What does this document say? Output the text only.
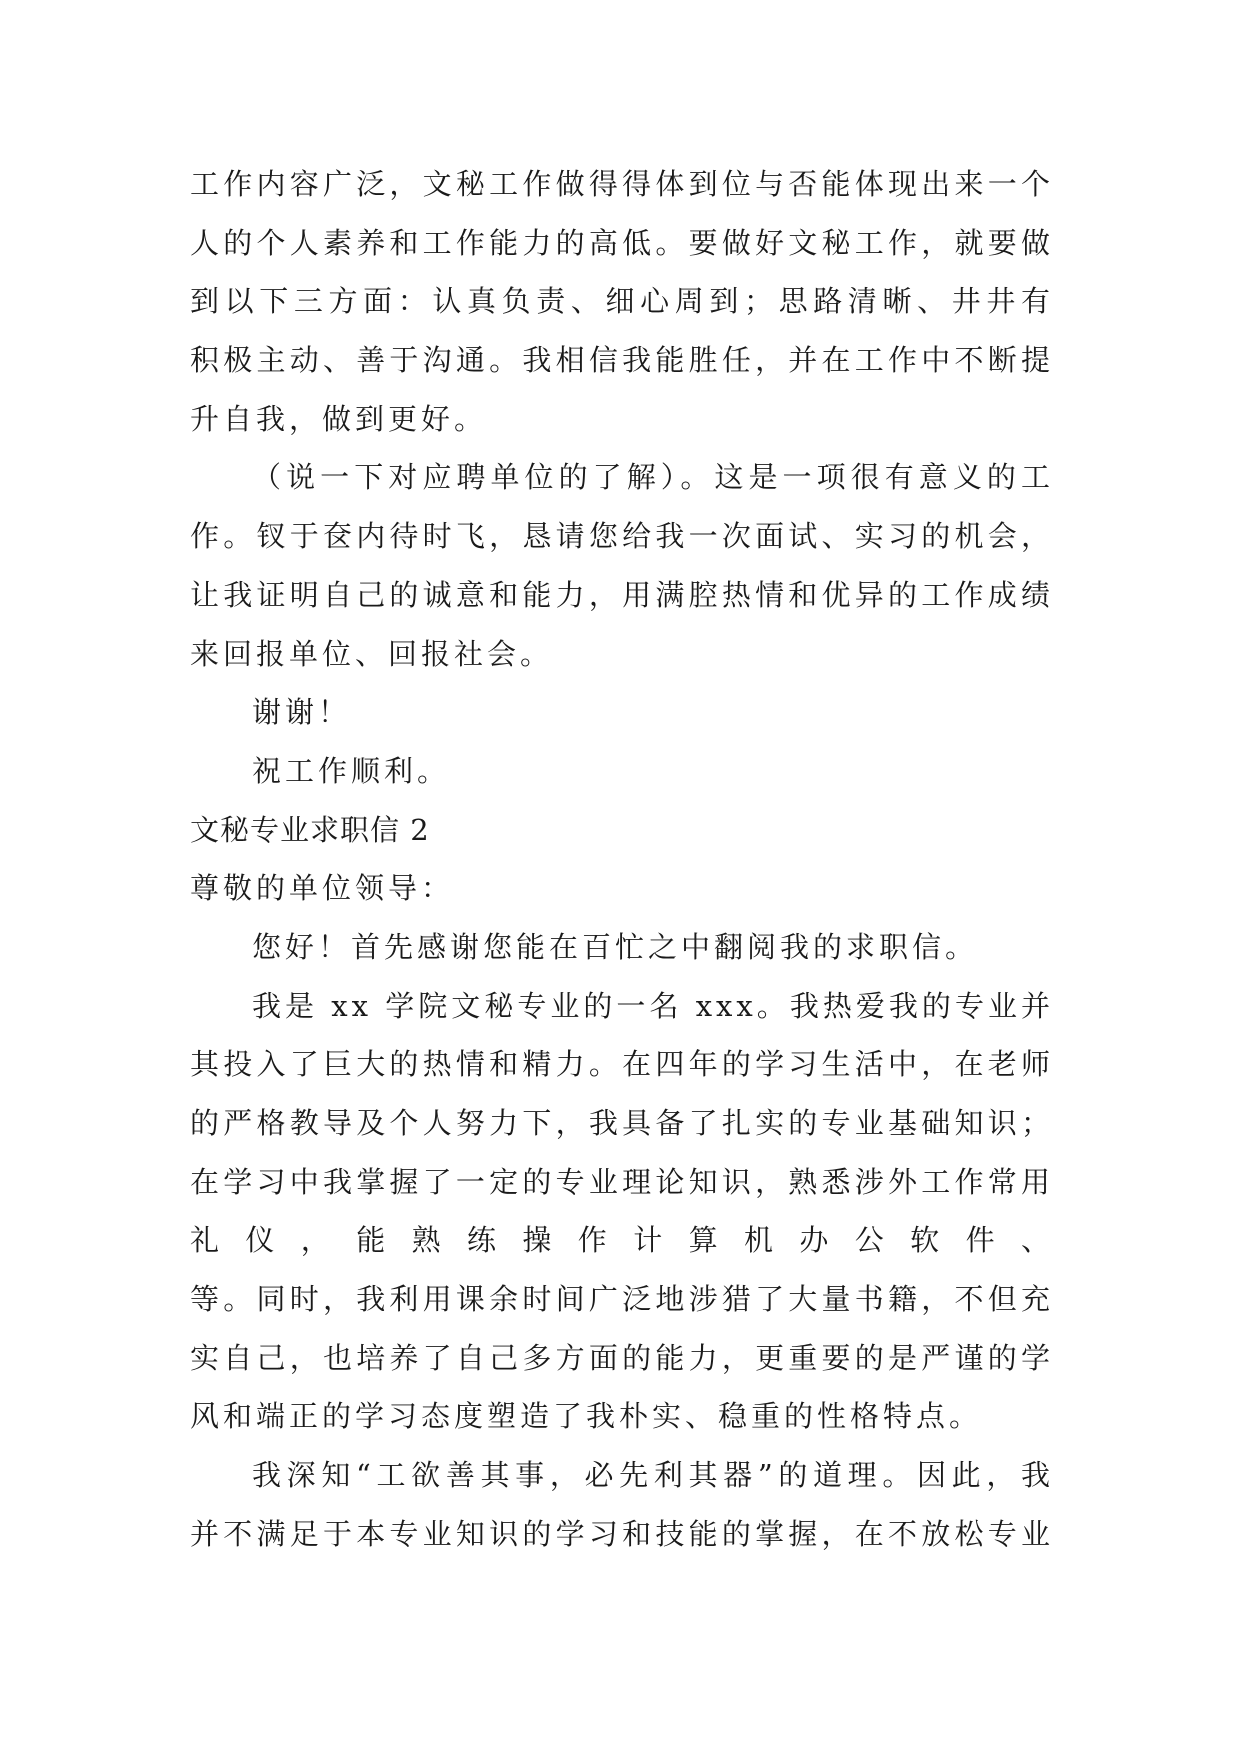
工作内容广泛，文秘工作做得得体到位与否能体现出来一个
人的个人素养和工作能力的高低。要做好文秘工作，就要做
到以下三方面：认真负责、细心周到；思路清晰、井井有
积极主动、善于沟通。我相信我能胜任，并在工作中不断提
升自我，做到更好。
（说一下对应聘单位的了解）。这是一项很有意义的工
作。钗于奁内待时飞，恳请您给我一次面试、实习的机会，
让我证明自己的诚意和能力，用满腔热情和优异的工作成绩
来回报单位、回报社会。
谢谢！
祝工作顺利。
文秘专业求职信 2
尊敬的单位领导：
您好！首先感谢您能在百忙之中翻阅我的求职信。
我是 xx 学院文秘专业的一名 xxx。我热爱我的专业并
其投入了巨大的热情和精力。在四年的学习生活中，在老师
的严格教导及个人努力下，我具备了扎实的专业基础知识；
在学习中我掌握了一定的专业理论知识，熟悉涉外工作常用
礼仪，能熟练操作计算机办公软件、
等。同时，我利用课余时间广泛地涉猎了大量书籍，不但充
实自己，也培养了自己多方面的能力，更重要的是严谨的学
风和端正的学习态度塑造了我朴实、稳重的性格特点。
我深知“工欲善其事，必先利其器”的道理。因此，我
并不满足于本专业知识的学习和技能的掌握，在不放松专业
